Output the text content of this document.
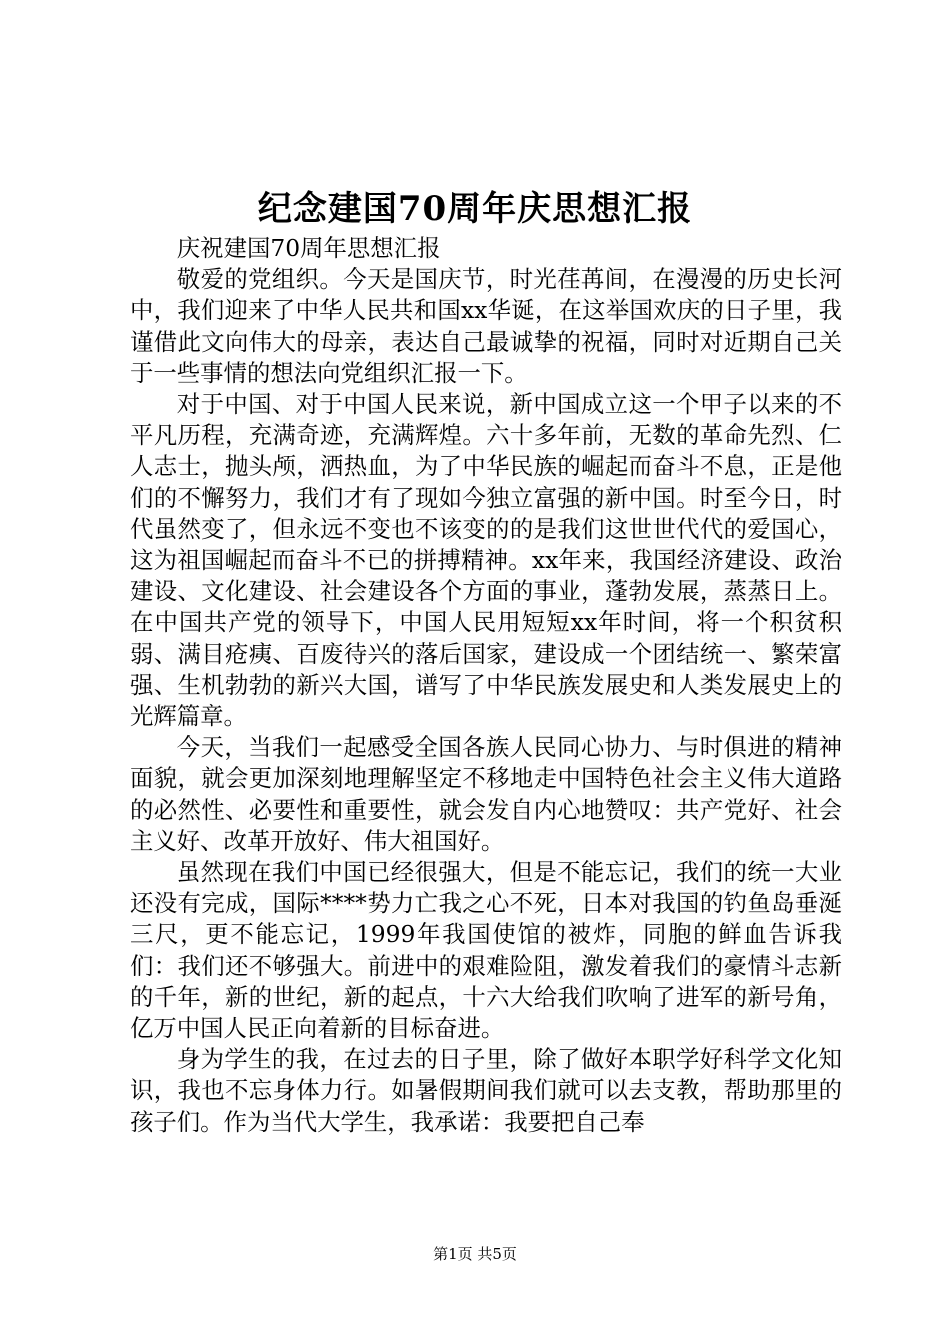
纪念建国70周年庆思想汇报

庆祝建国70周年思想汇报

敬爱的党组织。今天是国庆节，时光荏苒间，在漫漫的历史长河中，我们迎来了中华人民共和国xx华诞，在这举国欢庆的日子里，我谨借此文向伟大的母亲，表达自己最诚挚的祝福，同时对近期自己关于一些事情的想法向党组织汇报一下。

对于中国、对于中国人民来说，新中国成立这一个甲子以来的不平凡历程，充满奇迹，充满辉煌。六十多年前，无数的革命先烈、仁人志士，抛头颅，洒热血，为了中华民族的崛起而奋斗不息，正是他们的不懈努力，我们才有了现如今独立富强的新中国。时至今日，时代虽然变了，但永远不变也不该变的的是我们这世世代代的爱国心，这为祖国崛起而奋斗不已的拼搏精神。xx年来，我国经济建设、政治建设、文化建设、社会建设各个方面的事业，蓬勃发展，蒸蒸日上。在中国共产党的领导下，中国人民用短短xx年时间，将一个积贫积弱、满目疮痍、百废待兴的落后国家，建设成一个团结统一、繁荣富强、生机勃勃的新兴大国，谱写了中华民族发展史和人类发展史上的光辉篇章。

今天，当我们一起感受全国各族人民同心协力、与时俱进的精神面貌，就会更加深刻地理解坚定不移地走中国特色社会主义伟大道路的必然性、必要性和重要性，就会发自内心地赞叹：共产党好、社会主义好、改革开放好、伟大祖国好。

虽然现在我们中国已经很强大，但是不能忘记，我们的统一大业还没有完成，国际****势力亡我之心不死，日本对我国的钓鱼岛垂涎三尺，更不能忘记，1999年我国使馆的被炸，同胞的鲜血告诉我们：我们还不够强大。前进中的艰难险阻，激发着我们的豪情斗志新的千年，新的世纪，新的起点，十六大给我们吹响了进军的新号角，亿万中国人民正向着新的目标奋进。

身为学生的我，在过去的日子里，除了做好本职学好科学文化知识，我也不忘身体力行。如暑假期间我们就可以去支教，帮助那里的孩子们。作为当代大学生，我承诺：我要把自己奉

第1页 共5页
